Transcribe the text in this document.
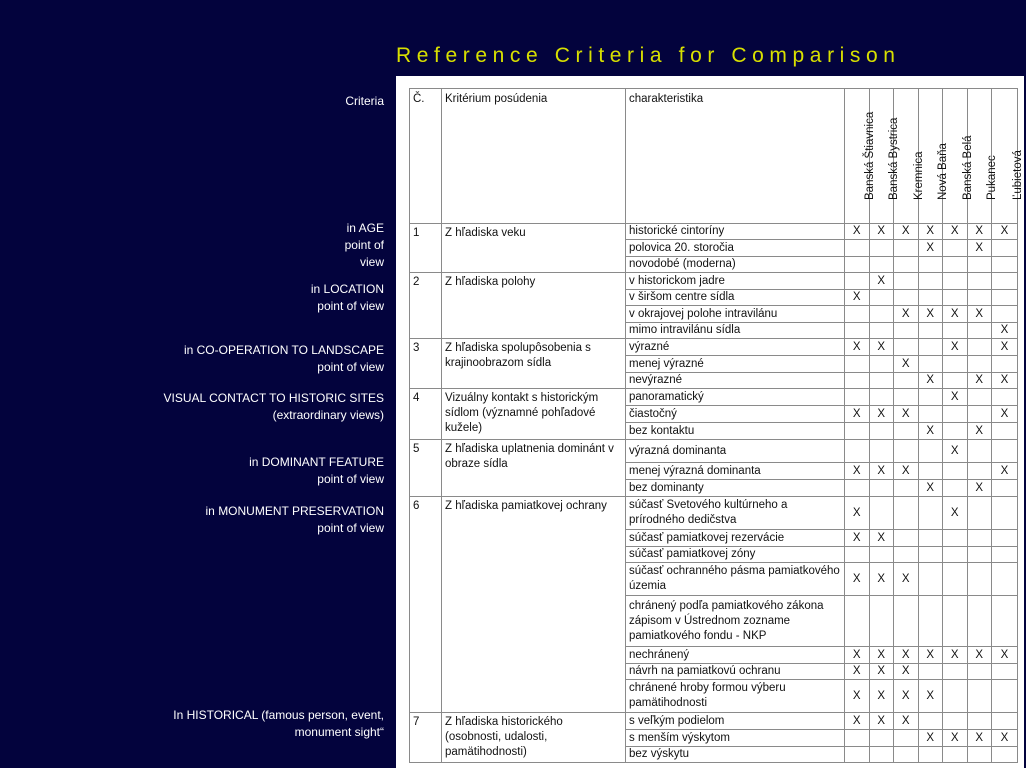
Reference Criteria for Comparison
Criteria
in AGE
point of
view
in LOCATION
point of view
in CO-OPERATION TO LANDSCAPE
point of view
VISUAL CONTACT TO HISTORIC SITES
(extraordinary views)
in DOMINANT FEATURE
point of view
in MONUMENT PRESERVATION
point of view
In HISTORICAL (famous person, event,
monument sight“
Č.	Kritérium posúdenia	charakteristika	Banská Štiavnica	Banská Bystrica	Kremnica	Nová Baňa	Banská Belá	Pukanec	Ľubietová

1	Z hľadiska veku	historické cintoríny	X	X	X	X	X	X	X
		polovica 20. storočia				X		X	
		novodobé (moderna)							
2	Z hľadiska polohy	v historickom jadre		X					
		v širšom centre sídla	X						
		v okrajovej polohe intravilánu			X	X	X	X	
		mimo intravilánu sídla							X
3	Z hľadiska spolupôsobenia s krajinoobrazom sídla	výrazné	X	X			X		X
		menej výrazné			X				
		nevýrazné				X		X	X
4	Vizuálny kontakt s historickým sídlom (významné pohľadové kužele)	panoramatický					X		
		čiastočný	X	X	X				X
		bez kontaktu				X		X	
5	Z hľadiska uplatnenia dominánt v obraze sídla	výrazná dominanta					X		
		menej výrazná dominanta	X	X	X				X
		bez dominanty				X		X	
6	Z hľadiska pamiatkovej ochrany	súčasť Svetového kultúrneho a prírodného dedičstva	X				X		
		súčasť pamiatkovej rezervácie	X	X					
		súčasť pamiatkovej zóny							
		súčasť ochranného pásma pamiatkového územia	X	X	X				
		chránený podľa pamiatkového zákona zápisom v Ústrednom zozname pamiatkového fondu - NKP							
		nechránený	X	X	X	X	X	X	X
		návrh na pamiatkovú ochranu	X	X	X				
		chránené hroby formou výberu pamätihodnosti	X	X	X	X			
7	Z hľadiska historického (osobnosti, udalosti, pamätihodnosti)	s veľkým podielom	X	X	X				
		s menším výskytom				X	X	X	X
		bez výskytu							
